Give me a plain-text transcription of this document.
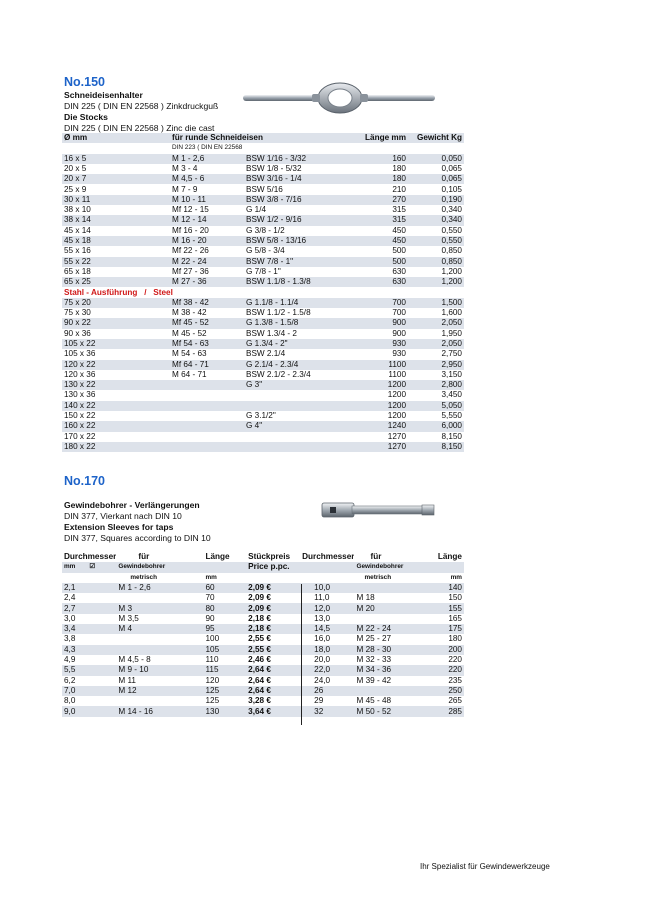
No.150
Schneideisenhalter
DIN 225 ( DIN EN 22568 ) Zinkdruckguß
Die Stocks
DIN 225 ( DIN EN 22568 ) Zinc die cast
Ø mm	für runde Schneideisen		Länge mm	Gewicht Kg
	DIN 223 ( DIN EN 22568			
16 x 5	M 1 - 2,6	BSW 1/16 - 3/32	160	0,050
20 x 5	M 3 - 4	BSW 1/8 - 5/32	180	0,065
20 x 7	M 4,5 - 6	BSW 3/16 - 1/4	180	0,065
25 x 9	M 7 - 9	BSW 5/16	210	0,105
30 x 11	M 10 - 11	BSW 3/8 - 7/16	270	0,190
38 x 10	Mf 12 - 15	G 1/4	315	0,340
38 x 14	M 12 - 14	BSW 1/2 - 9/16	315	0,340
45 x 14	Mf 16 - 20	G 3/8 - 1/2	450	0,550
45 x 18	M 16 - 20	BSW 5/8 - 13/16	450	0,550
55 x 16	Mf 22 - 26	G 5/8 - 3/4	500	0,850
55 x 22	M 22 - 24	BSW 7/8 - 1"	500	0,850
65 x 18	Mf 27 - 36	G 7/8 - 1"	630	1,200
65 x 25	M 27 - 36	BSW 1.1/8 - 1.3/8	630	1,200
Stahl - Ausführung   /   Steel				
75 x 20	Mf 38 - 42	G 1.1/8 - 1.1/4	700	1,500
75 x 30	M 38 - 42	BSW 1.1/2 - 1.5/8	700	1,600
90 x 22	Mf 45 - 52	G 1.3/8 - 1.5/8	900	2,050
90 x 36	M 45 - 52	BSW 1.3/4 - 2	900	1,950
105 x 22	Mf 54 - 63	G 1.3/4 - 2"	930	2,050
105 x 36	M 54 - 63	BSW 2.1/4	930	2,750
120 x 22	Mf 64 - 71	G 2.1/4 - 2.3/4	1100	2,950
120 x 36	M 64 - 71	BSW 2.1/2 - 2.3/4	1100	3,150
130 x 22		G 3"	1200	2,800
130 x 36			1200	3,450
140 x 22			1200	5,050
150 x 22		G 3.1/2"	1200	5,550
160 x 22		G 4"	1240	6,000
170 x 22			1270	8,150
180 x 22			1270	8,150
No.170
Gewindebohrer - Verlängerungen
DIN 377, Vierkant nach DIN 10
Extension Sleeves for taps
DIN 377, Squares according to DIN 10
Durchmesser	für	Länge	Stückpreis	Durchmesser	für	Länge
mm ☑	Gewindebohrer		Price p.pc.		Gewindebohrer	
	metrisch	mm			metrisch	mm
2,1	M 1 - 2,6	60	2,09 €	10,0		140
2,4		70	2,09 €	11,0	M 18	150
2,7	M 3	80	2,09 €	12,0	M 20	155
3,0	M 3,5	90	2,18 €	13,0		165
3,4	M 4	95	2,18 €	14,5	M 22 - 24	175
3,8		100	2,55 €	16,0	M 25 - 27	180
4,3		105	2,55 €	18,0	M 28 - 30	200
4,9	M 4,5 - 8	110	2,46 €	20,0	M 32 - 33	220
5,5	M 9 - 10	115	2,64 €	22,0	M 34 - 36	220
6,2	M 11	120	2,64 €	24,0	M 39 - 42	235
7,0	M 12	125	2,64 €	26		250
8,0		125	3,28 €	29	M 45 - 48	265
9,0	M 14 - 16	130	3,64 €	32	M 50 - 52	285
Ihr Spezialist für Gewindewerkzeuge
